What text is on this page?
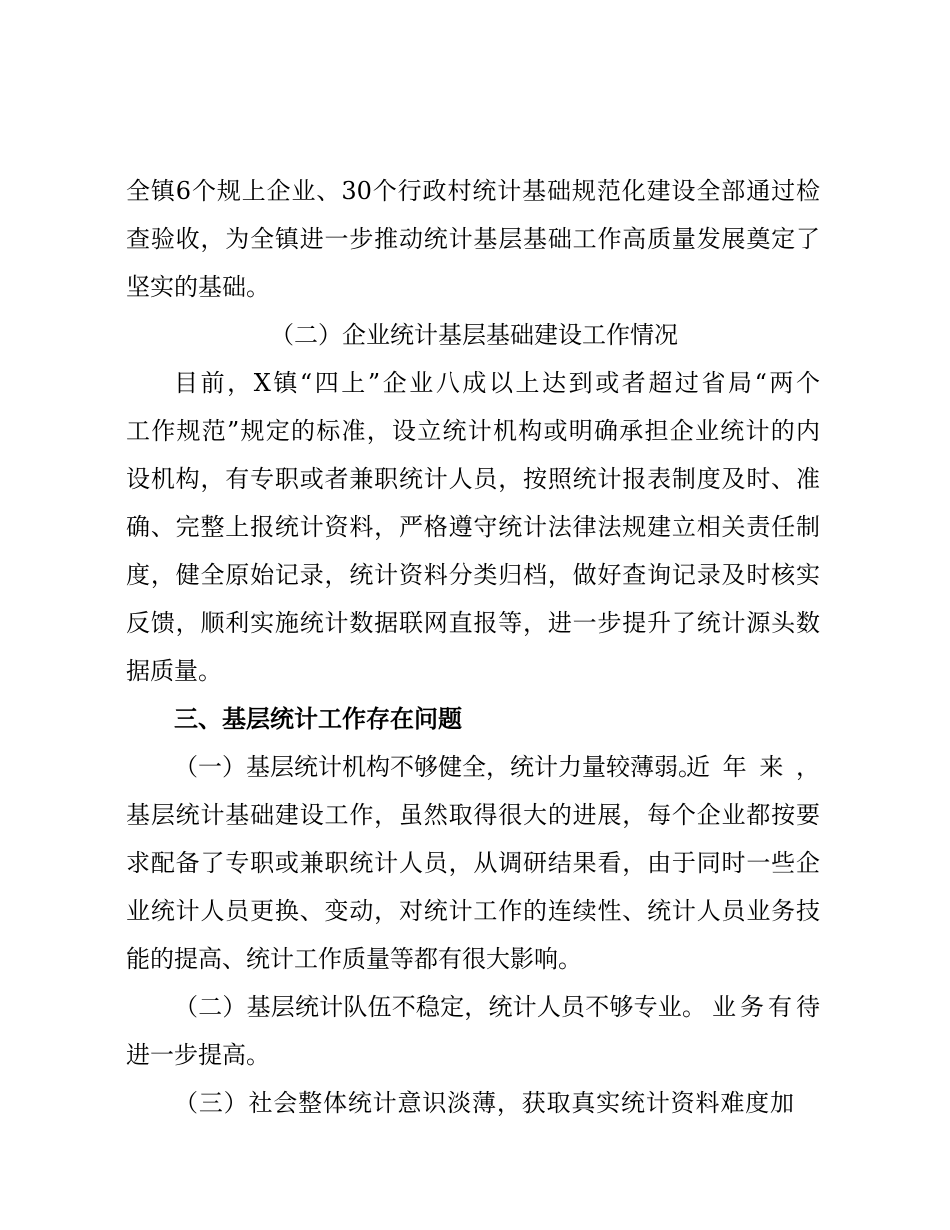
全镇6个规上企业、30个行政村统计基础规范化建设全部通过检
查验收，为全镇进一步推动统计基层基础工作高质量发展奠定了
坚实的基础。
（二）企业统计基层基础建设工作情况
目前，X镇“四上”企业八成以上达到或者超过省局“两个
工作规范”规定的标准，设立统计机构或明确承担企业统计的内
设机构，有专职或者兼职统计人员，按照统计报表制度及时、准
确、完整上报统计资料，严格遵守统计法律法规建立相关责任制
度，健全原始记录，统计资料分类归档，做好查询记录及时核实
反馈，顺利实施统计数据联网直报等，进一步提升了统计源头数
据质量。
三、基层统计工作存在问题
（一）基层统计机构不够健全，统计力量较薄弱。
近年来，
基层统计基础建设工作，虽然取得很大的进展，每个企业都按要
求配备了专职或兼职统计人员，从调研结果看，由于同时一些企
业统计人员更换、变动，对统计工作的连续性、统计人员业务技
能的提高、统计工作质量等都有很大影响。
（二）基层统计队伍不稳定，统计人员不够专业。 业务有待
进一步提高。
（三）社会整体统计意识淡薄，获取真实统计资料难度加
